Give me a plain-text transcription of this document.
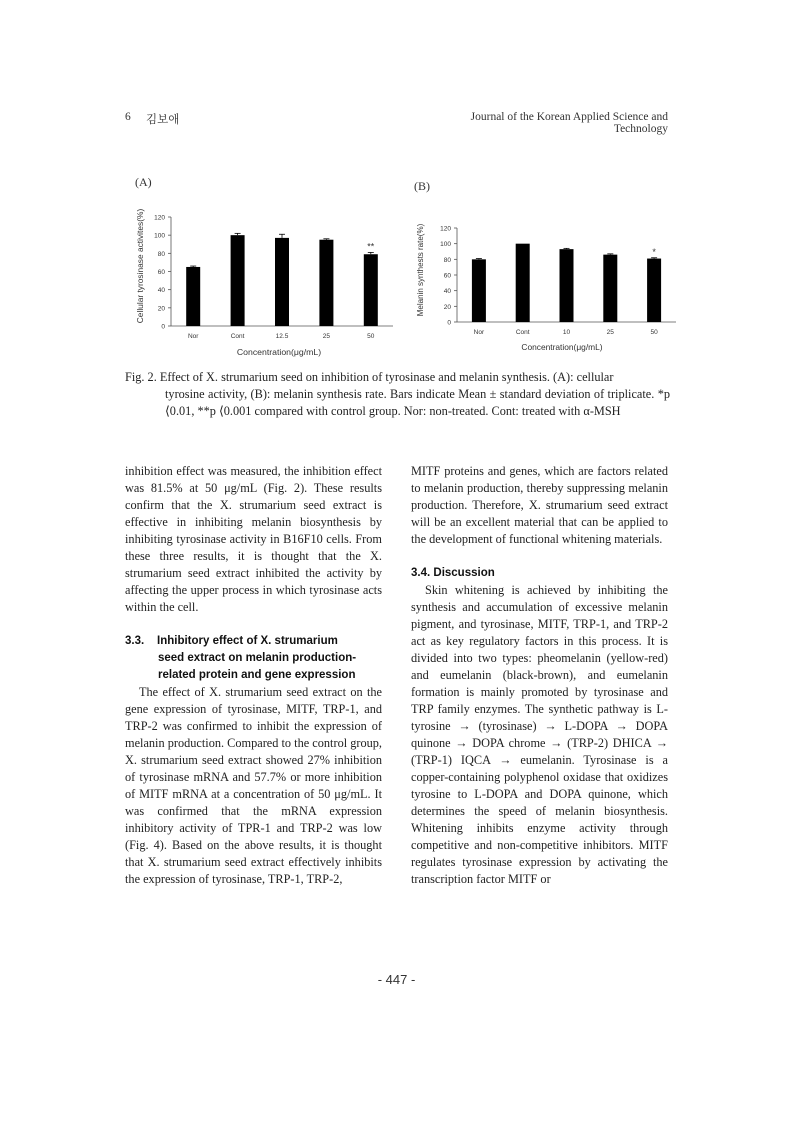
6 김보애	Journal of the Korean Applied Science and Technology
(A)	(B)
Cellular tyrosinase activites(%)
0
20
40
60
80
100
120
**
Nor	Cont	12.5	25	50
Concentration(μg/mL)
Melanin synthests rate(%)
0
20
40
60
80
100
120
*
Nor	Cont	10	25	50
Concentration(μg/mL)
Fig. 2. Effect of X. strumarium seed on inhibition of tyrosinase and melanin synthesis. (A): cellular
tyrosine activity, (B): melanin synthesis rate. Bars indicate Mean ± standard deviation of triplicate. *p ⟨0.01, **p ⟨0.001 compared with control group. Nor: non-treated. Cont: treated with α-MSH

inhibition effect was measured, the inhibition effect was 81.5% at 50 μg/mL (Fig. 2). These results confirm that the X. strumarium seed extract is effective in inhibiting melanin biosynthesis by inhibiting tyrosinase activity in B16F10 cells. From these three results, it is thought that the X. strumarium seed extract inhibited the activity by affecting the upper process in which tyrosinase acts within the cell.

3.3. Inhibitory effect of X. strumarium
seed extract on melanin production-
related protein and gene expression

The effect of X. strumarium seed extract on the gene expression of tyrosinase, MITF, TRP-1, and TRP-2 was confirmed to inhibit the expression of melanin production. Compared to the control group, X. strumarium seed extract showed 27% inhibition of tyrosinase mRNA and 57.7% or more inhibition of MITF mRNA at a concentration of 50 μg/mL. It was confirmed that the mRNA expression inhibitory activity of TPR-1 and TRP-2 was low (Fig. 4). Based on the above results, it is thought that X. strumarium seed extract effectively inhibits the expression of tyrosinase, TRP-1, TRP-2,

MITF proteins and genes, which are factors related to melanin production, thereby suppressing melanin production. Therefore, X. strumarium seed extract will be an excellent material that can be applied to the development of functional whitening materials.

3.4. Discussion

Skin whitening is achieved by inhibiting the synthesis and accumulation of excessive melanin pigment, and tyrosinase, MITF, TRP-1, and TRP-2 act as key regulatory factors in this process. It is divided into two types: pheomelanin (yellow-red) and eumelanin (black-brown), and eumelanin formation is mainly promoted by tyrosinase and TRP family enzymes. The synthetic pathway is L-tyrosine → (tyrosinase) → L-DOPA → DOPA quinone → DOPA chrome → (TRP-2) DHICA → (TRP-1) IQCA → eumelanin. Tyrosinase is a copper-containing polyphenol oxidase that oxidizes tyrosine to L-DOPA and DOPA quinone, which determines the speed of melanin biosynthesis. Whitening inhibits enzyme activity through competitive and non-competitive inhibitors. MITF regulates tyrosinase expression by activating the transcription factor MITF or

- 447 -
